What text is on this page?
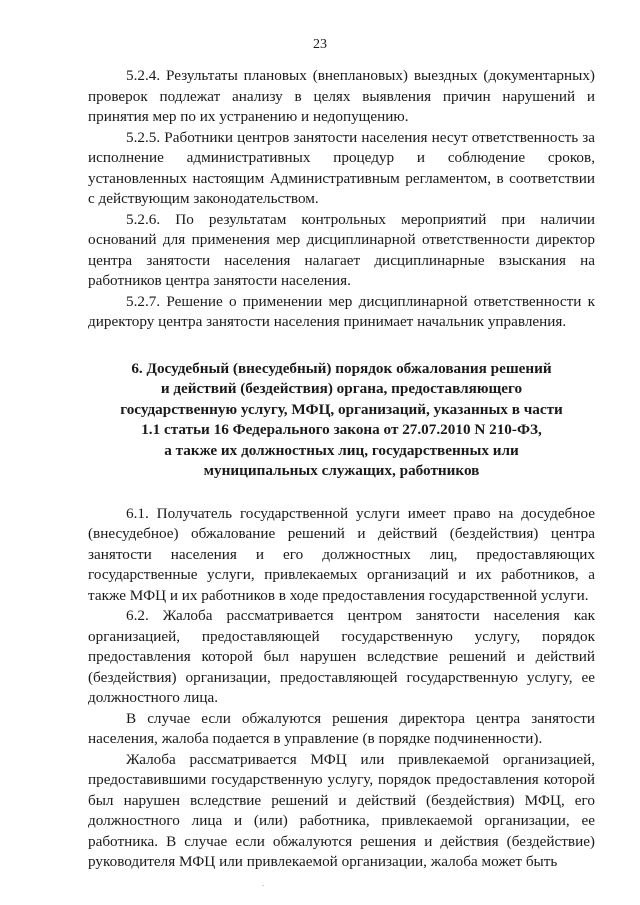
23

5.2.4. Результаты плановых (внеплановых) выездных (документарных) проверок подлежат анализу в целях выявления причин нарушений и принятия мер по их устранению и недопущению.

5.2.5. Работники центров занятости населения несут ответственность за исполнение административных процедур и соблюдение сроков, установленных настоящим Административным регламентом, в соответствии с действующим законодательством.

5.2.6. По результатам контрольных мероприятий при наличии оснований для применения мер дисциплинарной ответственности директор центра занятости населения налагает дисциплинарные взыскания на работников центра занятости населения.

5.2.7. Решение о применении мер дисциплинарной ответственности к директору центра занятости населения принимает начальник управления.

6. Досудебный (внесудебный) порядок обжалования решений
и действий (бездействия) органа, предоставляющего
государственную услугу, МФЦ, организаций, указанных в части
1.1 статьи 16 Федерального закона от 27.07.2010 N 210-ФЗ,
а также их должностных лиц, государственных или
муниципальных служащих, работников

6.1. Получатель государственной услуги имеет право на досудебное (внесудебное) обжалование решений и действий (бездействия) центра занятости населения и его должностных лиц, предоставляющих государственные услуги, привлекаемых организаций и их работников, а также МФЦ и их работников в ходе предоставления государственной услуги.

6.2. Жалоба рассматривается центром занятости населения как организацией, предоставляющей государственную услугу, порядок предоставления которой был нарушен вследствие решений и действий (бездействия) организации, предоставляющей государственную услугу, ее должностного лица.

В случае если обжалуются решения директора центра занятости населения, жалоба подается в управление (в порядке подчиненности).

Жалоба рассматривается МФЦ или привлекаемой организацией, предоставившими государственную услугу, порядок предоставления которой был нарушен вследствие решений и действий (бездействия) МФЦ, его должностного лица и (или) работника, привлекаемой организации, ее работника. В случае если обжалуются решения и действия (бездействие) руководителя МФЦ или привлекаемой организации, жалоба может быть
